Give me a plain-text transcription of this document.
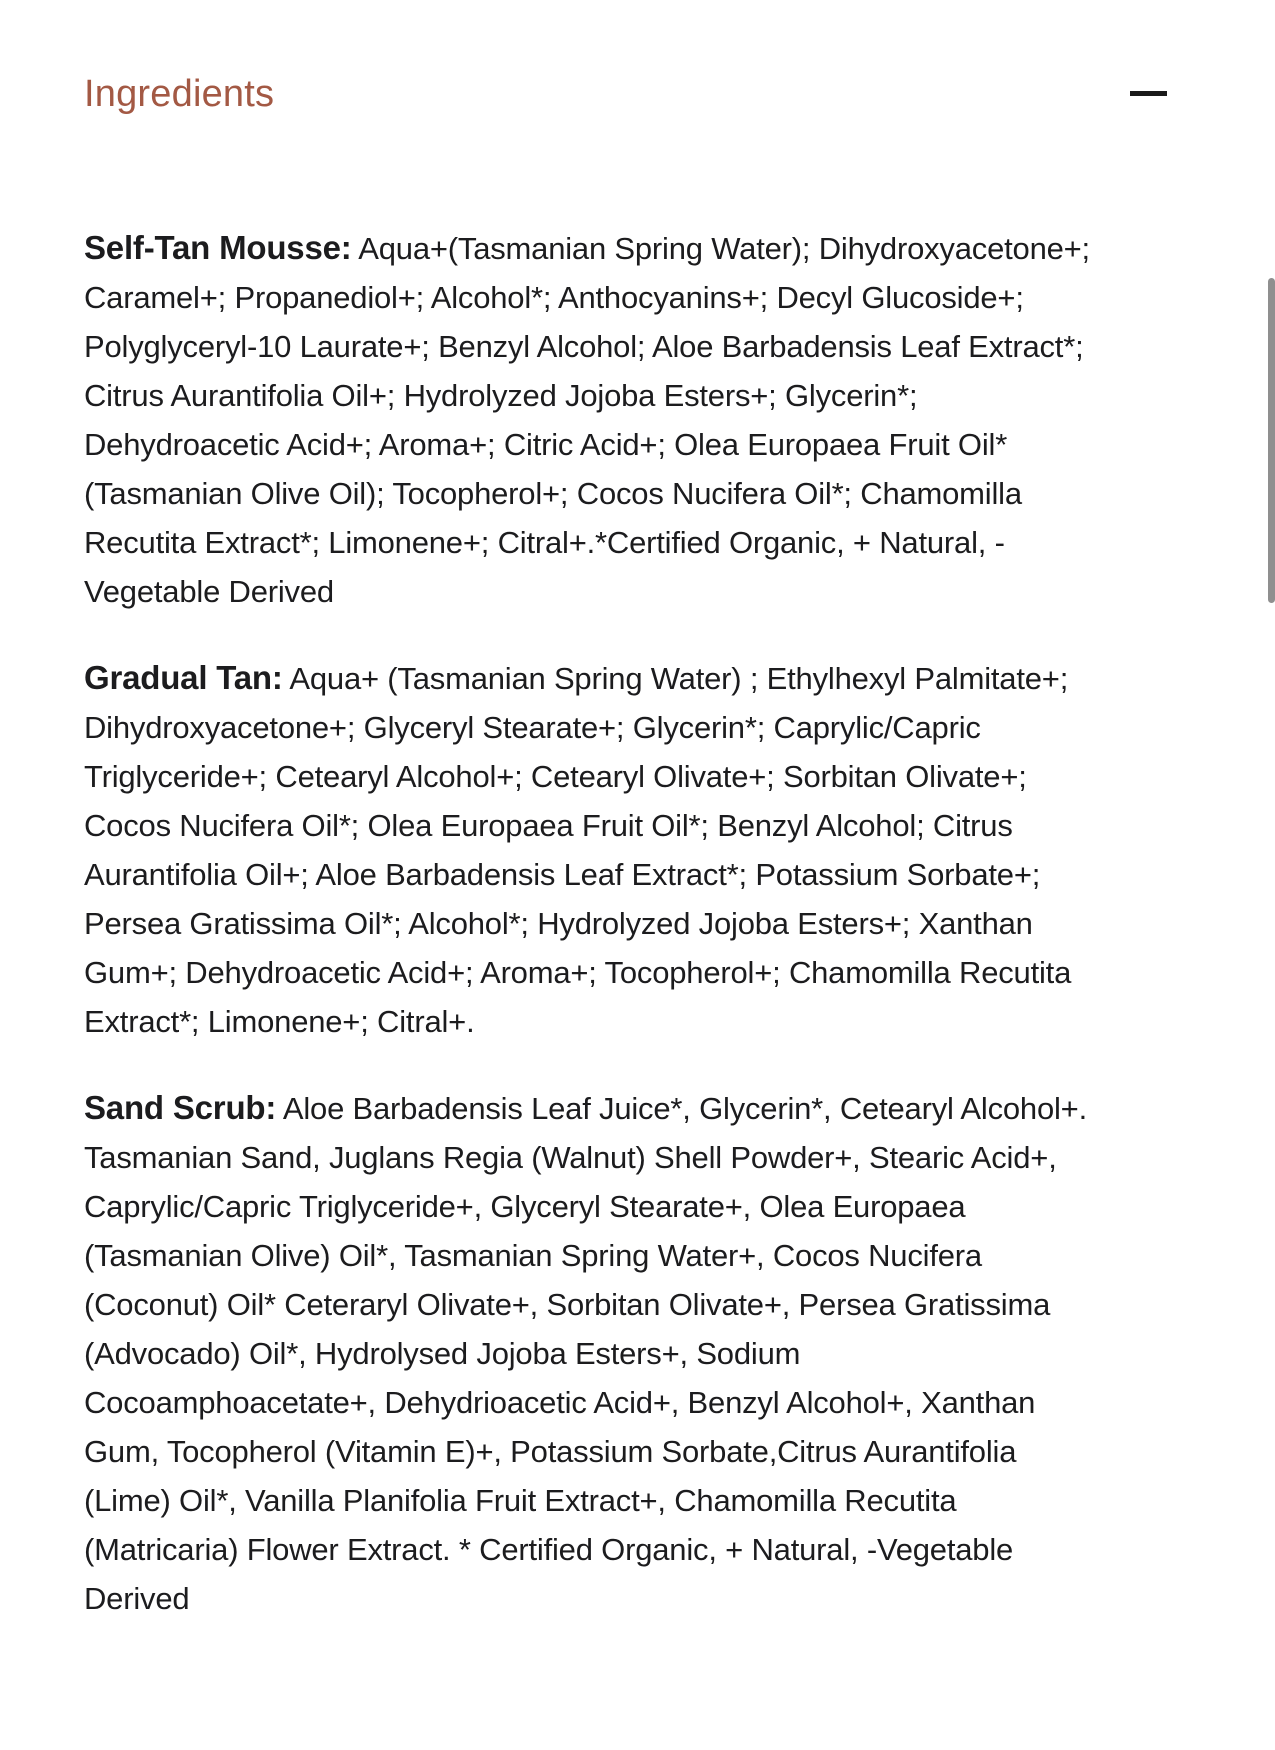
Ingredients

Self-Tan Mousse: Aqua+(Tasmanian Spring Water); Dihydroxyacetone+; Caramel+; Propanediol+; Alcohol*; Anthocyanins+; Decyl Glucoside+; Polyglyceryl-10 Laurate+; Benzyl Alcohol; Aloe Barbadensis Leaf Extract*; Citrus Aurantifolia Oil+; Hydrolyzed Jojoba Esters+; Glycerin*; Dehydroacetic Acid+; Aroma+; Citric Acid+; Olea Europaea Fruit Oil*(Tasmanian Olive Oil); Tocopherol+; Cocos Nucifera Oil*; Chamomilla Recutita Extract*; Limonene+; Citral+.*Certified Organic, + Natural, -Vegetable Derived

Gradual Tan: Aqua+ (Tasmanian Spring Water) ; Ethylhexyl Palmitate+; Dihydroxyacetone+; Glyceryl Stearate+; Glycerin*; Caprylic/Capric Triglyceride+; Cetearyl Alcohol+; Cetearyl Olivate+; Sorbitan Olivate+; Cocos Nucifera Oil*; Olea Europaea Fruit Oil*; Benzyl Alcohol; Citrus Aurantifolia Oil+; Aloe Barbadensis Leaf Extract*; Potassium Sorbate+; Persea Gratissima Oil*; Alcohol*; Hydrolyzed Jojoba Esters+; Xanthan Gum+; Dehydroacetic Acid+; Aroma+; Tocopherol+; Chamomilla Recutita Extract*; Limonene+; Citral+.

Sand Scrub: Aloe Barbadensis Leaf Juice*, Glycerin*, Cetearyl Alcohol+. Tasmanian Sand, Juglans Regia (Walnut) Shell Powder+, Stearic Acid+, Caprylic/Capric Triglyceride+, Glyceryl Stearate+, Olea Europaea (Tasmanian Olive) Oil*, Tasmanian Spring Water+, Cocos Nucifera (Coconut) Oil* Ceteraryl Olivate+, Sorbitan Olivate+, Persea Gratissima (Advocado) Oil*, Hydrolysed Jojoba Esters+, Sodium Cocoamphoacetate+, Dehydrioacetic Acid+, Benzyl Alcohol+, Xanthan Gum, Tocopherol (Vitamin E)+, Potassium Sorbate,Citrus Aurantifolia (Lime) Oil*, Vanilla Planifolia Fruit Extract+, Chamomilla Recutita (Matricaria) Flower Extract. * Certified Organic, + Natural, -Vegetable Derived
